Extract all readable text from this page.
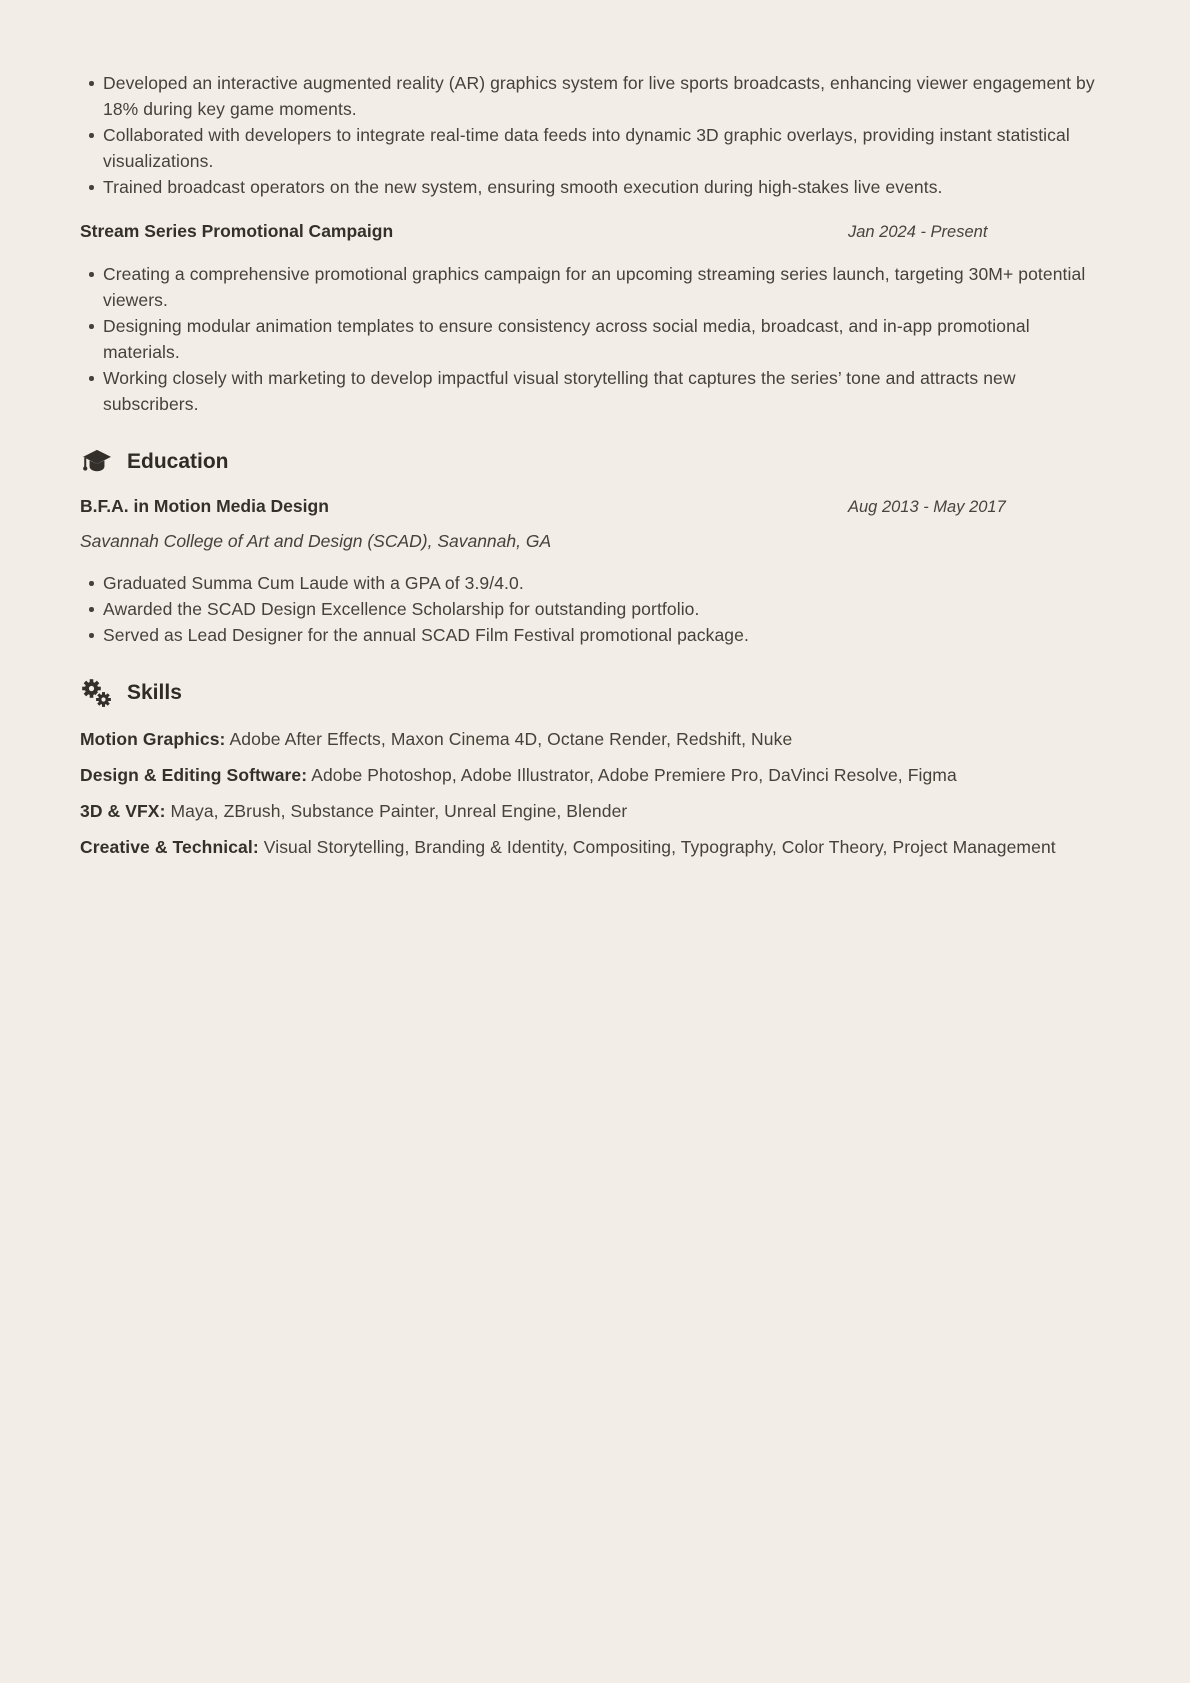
Developed an interactive augmented reality (AR) graphics system for live sports broadcasts, enhancing viewer engagement by 18% during key game moments.
Collaborated with developers to integrate real-time data feeds into dynamic 3D graphic overlays, providing instant statistical visualizations.
Trained broadcast operators on the new system, ensuring smooth execution during high-stakes live events.
Stream Series Promotional Campaign	Jan 2024 - Present
Creating a comprehensive promotional graphics campaign for an upcoming streaming series launch, targeting 30M+ potential viewers.
Designing modular animation templates to ensure consistency across social media, broadcast, and in-app promotional materials.
Working closely with marketing to develop impactful visual storytelling that captures the series’ tone and attracts new subscribers.
Education
B.F.A. in Motion Media Design	Aug 2013 - May 2017

Savannah College of Art and Design (SCAD), Savannah, GA

Graduated Summa Cum Laude with a GPA of 3.9/4.0.
Awarded the SCAD Design Excellence Scholarship for outstanding portfolio.
Served as Lead Designer for the annual SCAD Film Festival promotional package.
Skills

Motion Graphics: Adobe After Effects, Maxon Cinema 4D, Octane Render, Redshift, Nuke

Design & Editing Software: Adobe Photoshop, Adobe Illustrator, Adobe Premiere Pro, DaVinci Resolve, Figma

3D & VFX: Maya, ZBrush, Substance Painter, Unreal Engine, Blender

Creative & Technical: Visual Storytelling, Branding & Identity, Compositing, Typography, Color Theory, Project Management
